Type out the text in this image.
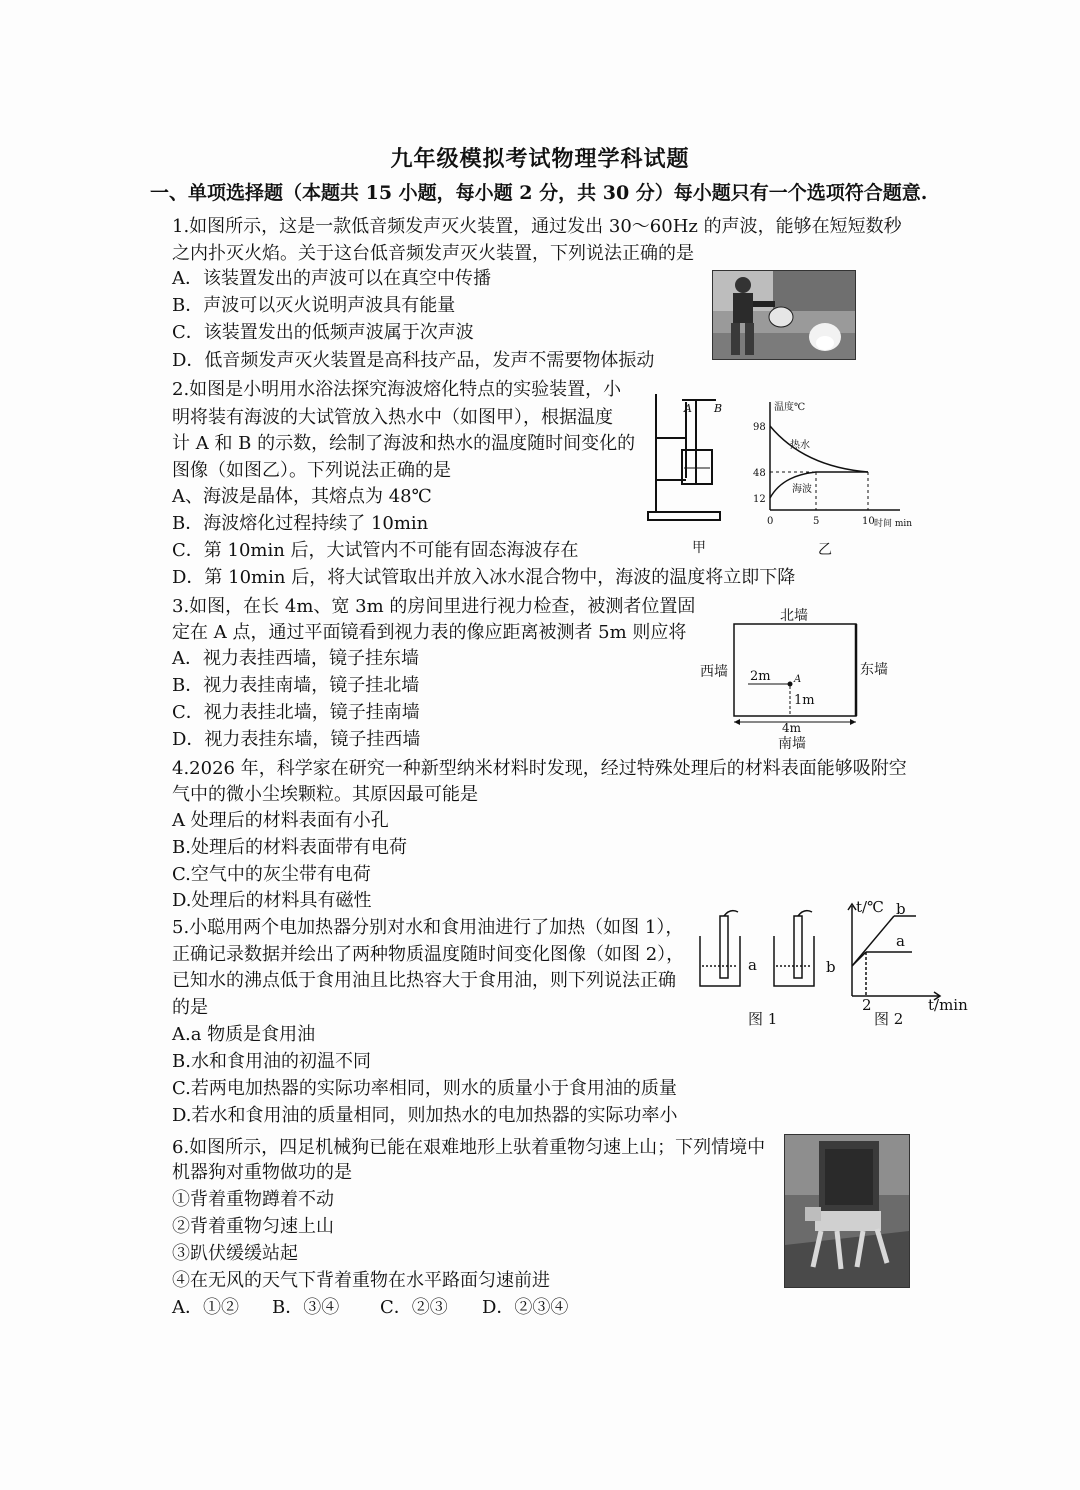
九年级模拟考试物理学科试题
一、单项选择题（本题共 15 小题，每小题 2 分，共 30 分）每小题只有一个选项符合题意.
1.如图所示，这是一款低音频发声灭火装置，通过发出 30～60Hz 的声波，能够在短短数秒
之内扑灭火焰。关于这台低音频发声灭火装置，下列说法正确的是
A．该装置发出的声波可以在真空中传播
B．声波可以灭火说明声波具有能量
C．该装置发出的低频声波属于次声波
D．低音频发声灭火装置是高科技产品，发声不需要物体振动
2.如图是小明用水浴法探究海波熔化特点的实验装置，小
明将装有海波的大试管放入热水中（如图甲），根据温度
计 A 和 B 的示数，绘制了海波和热水的温度随时间变化的
图像（如图乙）。下列说法正确的是
A、海波是晶体，其熔点为 48℃
B．海波熔化过程持续了 10min
C．第 10min 后，大试管内不可能有固态海波存在
D．第 10min 后，将大试管取出并放入冰水混合物中，海波的温度将立即下降
A B
甲
温度℃
98
48
12
0	5	10 时间 min
热水
海波
乙
3.如图，在长 4m、宽 3m 的房间里进行视力检查，被测者位置固
定在 A 点，通过平面镜看到视力表的像应距离被测者 5m 则应将
A．视力表挂西墙，镜子挂东墙
B．视力表挂南墙，镜子挂北墙
C．视力表挂北墙，镜子挂南墙
D．视力表挂东墙，镜子挂西墙
北墙
西墙	东墙
南墙
2m
1m
4m
A
4.2026 年，科学家在研究一种新型纳米材料时发现，经过特殊处理后的材料表面能够吸附空
气中的微小尘埃颗粒。其原因最可能是
A 处理后的材料表面有小孔
B.处理后的材料表面带有电荷
C.空气中的灰尘带有电荷
D.处理后的材料具有磁性
5.小聪用两个电加热器分别对水和食用油进行了加热（如图 1），
正确记录数据并绘出了两种物质温度随时间变化图像（如图 2），
已知水的沸点低于食用油且比热容大于食用油，则下列说法正确
的是
A.a 物质是食用油
B.水和食用油的初温不同
C.若两电加热器的实际功率相同，则水的质量小于食用油的质量
D.若水和食用油的质量相同，则加热水的电加热器的实际功率小
a	b
图 1
t/℃ b
a
2	t/min
图 2
6.如图所示，四足机械狗已能在艰难地形上驮着重物匀速上山；下列情境中
机器狗对重物做功的是
①背着重物蹲着不动
②背着重物匀速上山
③趴伏缓缓站起
④在无风的天气下背着重物在水平路面匀速前进
A．①② B．③④ C．②③ D．②③④
